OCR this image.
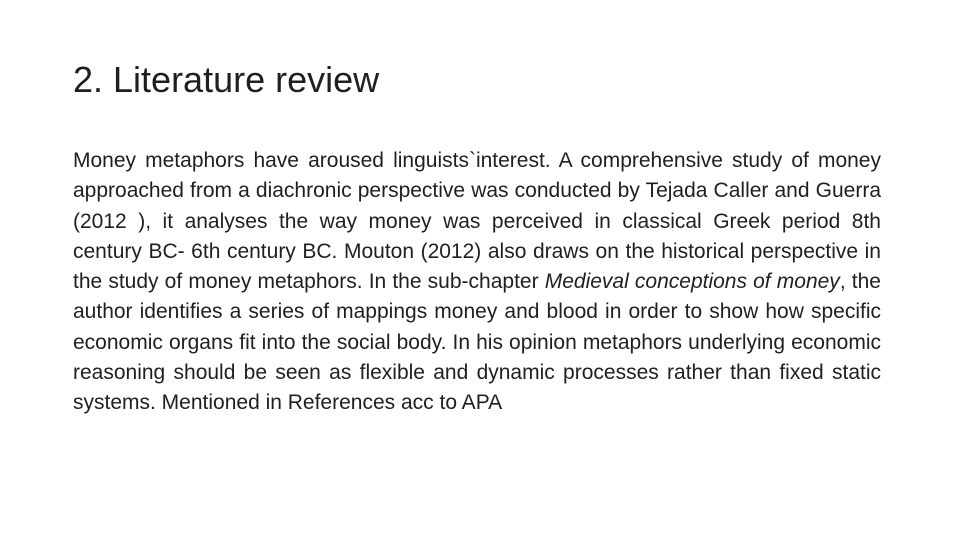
2. Literature review

Money metaphors have aroused linguists`interest. A comprehensive study of money approached from a diachronic perspective was conducted by Tejada Caller and Guerra (2012 ), it analyses the way money was perceived in classical Greek period 8th century BC- 6th century BC. Mouton (2012) also draws on the historical perspective in the study of money metaphors. In the sub-chapter Medieval conceptions of money, the author identifies a series of mappings money and blood in order to show how specific economic organs fit into the social body. In his opinion metaphors underlying economic reasoning should be seen as flexible and dynamic processes rather than fixed static systems. Mentioned in References acc to APA
